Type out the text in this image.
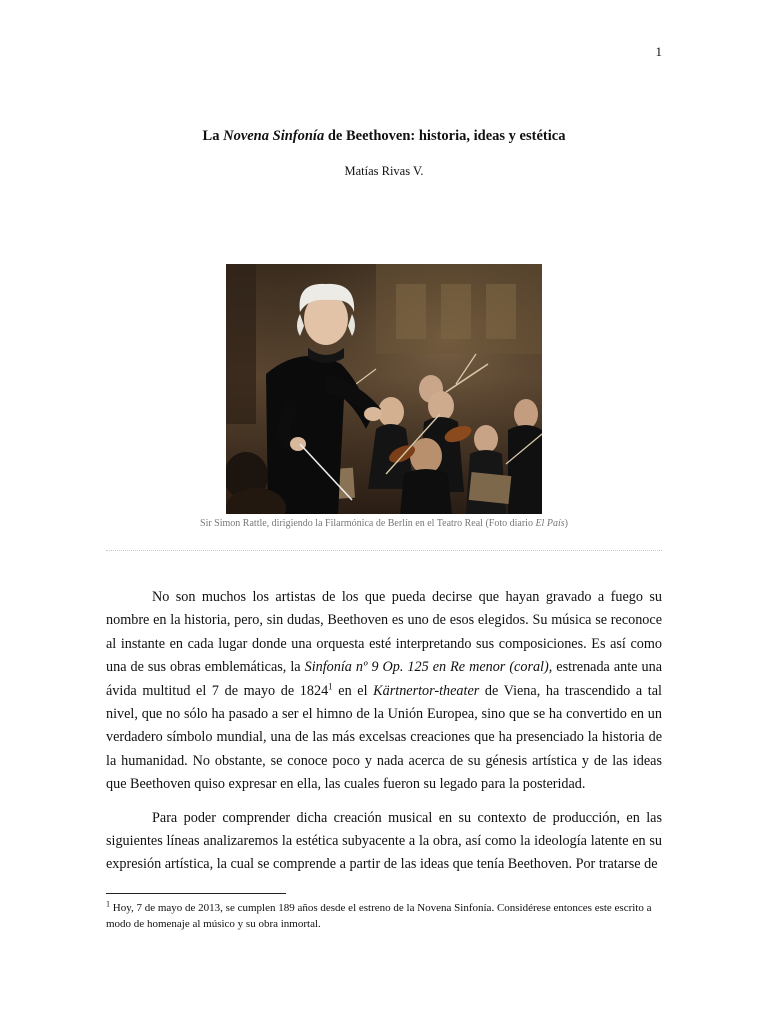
1
La Novena Sinfonía de Beethoven: historia, ideas y estética
Matías Rivas V.
Sir Simon Rattle, dirigiendo la Filarmónica de Berlín en el Teatro Real (Foto diario El País)

No son muchos los artistas de los que pueda decirse que hayan gravado a fuego su nombre en la historia, pero, sin dudas, Beethoven es uno de esos elegidos. Su música se reconoce al instante en cada lugar donde una orquesta esté interpretando sus composiciones. Es así como una de sus obras emblemáticas, la Sinfonía nº 9 Op. 125 en Re menor (coral), estrenada ante una ávida multitud el 7 de mayo de 1824$^1$ en el Kärtnertor-theater de Viena, ha trascendido a tal nivel, que no sólo ha pasado a ser el himno de la Unión Europea, sino que se ha convertido en un verdadero símbolo mundial, una de las más excelsas creaciones que ha presenciado la historia de la humanidad. No obstante, se conoce poco y nada acerca de su génesis artística y de las ideas que Beethoven quiso expresar en ella, las cuales fueron su legado para la posteridad.

Para poder comprender dicha creación musical en su contexto de producción, en las siguientes líneas analizaremos la estética subyacente a la obra, así como la ideología latente en su expresión artística, la cual se comprende a partir de las ideas que tenía Beethoven. Por tratarse de

$^1$ Hoy, 7 de mayo de 2013, se cumplen 189 años desde el estreno de la Novena Sinfonía. Considérese entonces este escrito a modo de homenaje al músico y su obra inmortal.
